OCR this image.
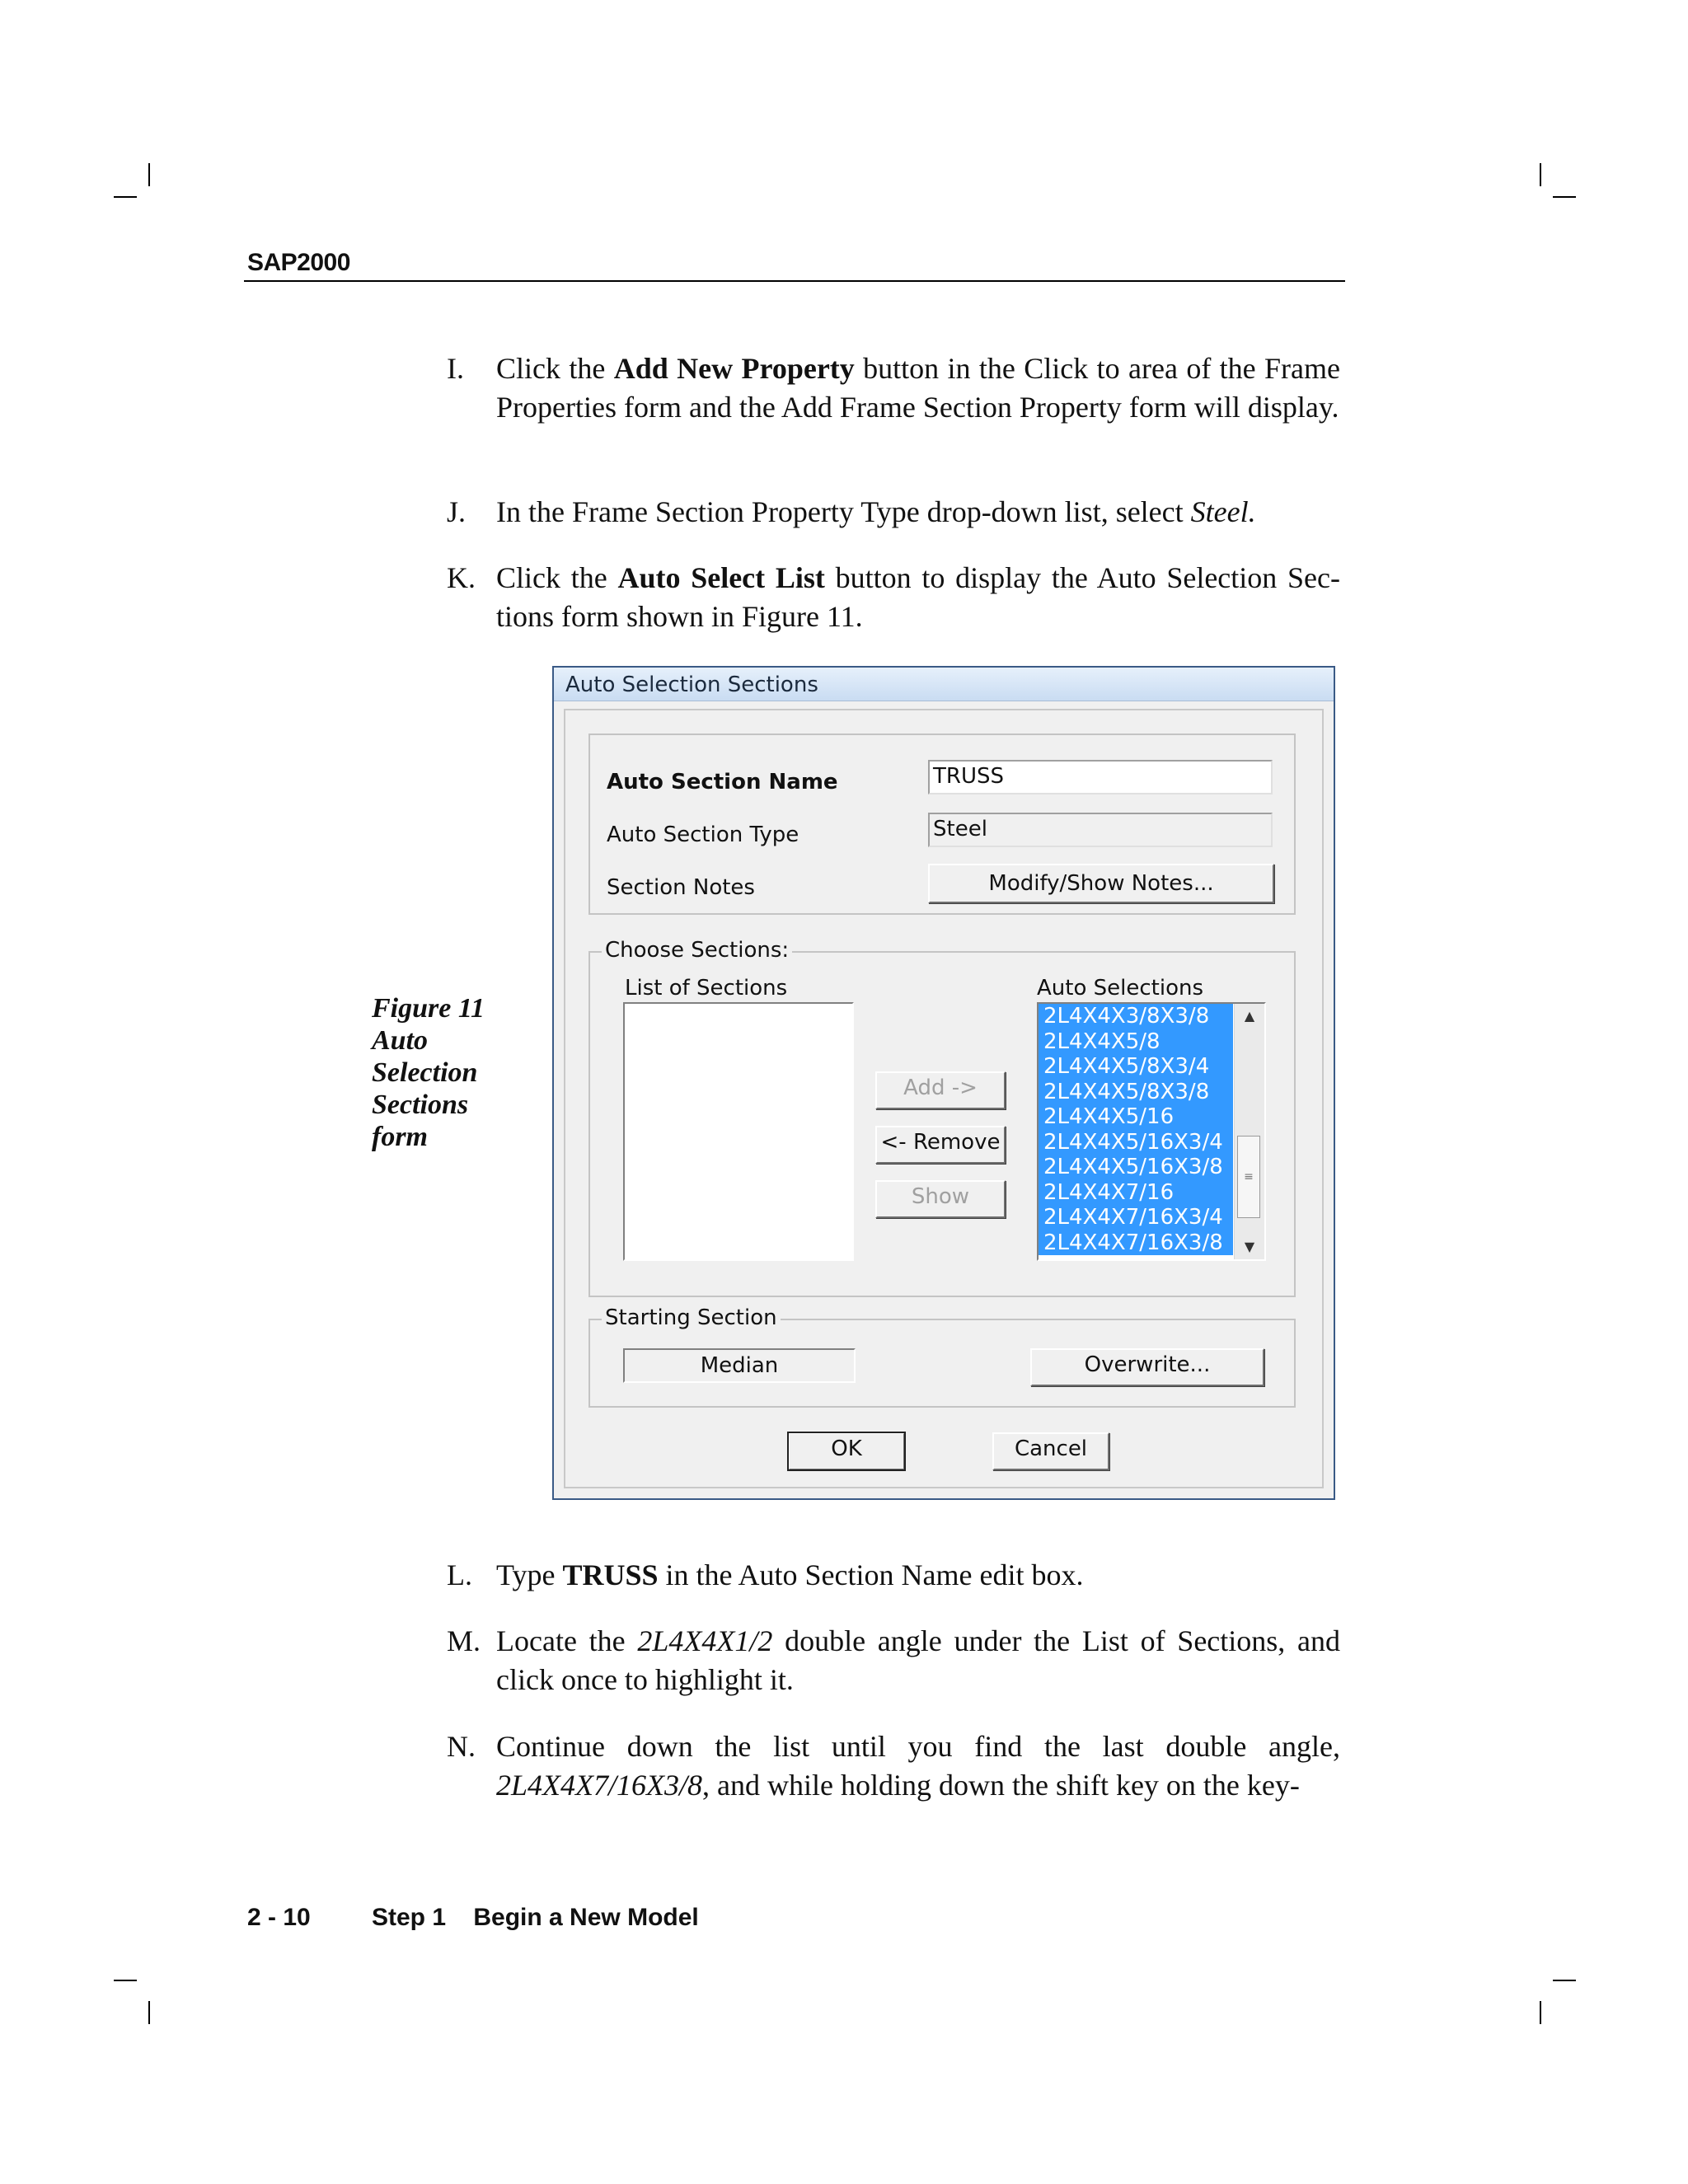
SAP2000
I. Click the Add New Property button in the Click to area of the Frame Properties form and the Add Frame Section Property form will display.
J. In the Frame Section Property Type drop-down list, select Steel.
K. Click the Auto Select List button to display the Auto Selection Sec-tions form shown in Figure 11.
Figure 11
Auto
Selection
Sections
form
Auto Selection Sections
Auto Section Name	TRUSS
Auto Section Type	Steel
Section Notes	Modify/Show Notes...
Choose Sections:
List of Sections	Auto Selections
Add ->
<- Remove
Show
2L4X4X3/8X3/8
2L4X4X5/8
2L4X4X5/8X3/4
2L4X4X5/8X3/8
2L4X4X5/16
2L4X4X5/16X3/4
2L4X4X5/16X3/8
2L4X4X7/16
2L4X4X7/16X3/4
2L4X4X7/16X3/8
▲
≡
▼
Starting Section
Median	Overwrite...
OK	Cancel
L. Type TRUSS in the Auto Section Name edit box.
M. Locate the 2L4X4X1/2 double angle under the List of Sections, and click once to highlight it.
N. Continue down the list until you find the last double angle, 2L4X4X7/16X3/8, and while holding down the shift key on the key-
2 - 10 Step 1    Begin a New Model
